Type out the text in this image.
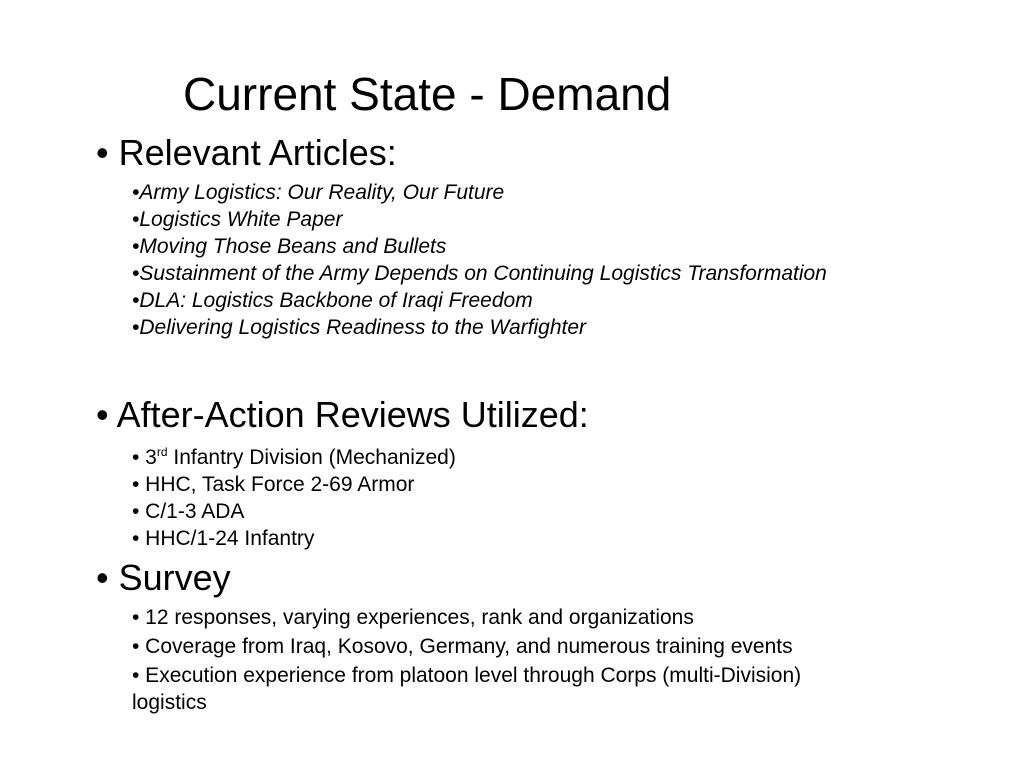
Current State - Demand
• Relevant Articles:
•Army Logistics: Our Reality, Our Future
•Logistics White Paper
•Moving Those Beans and Bullets
•Sustainment of the Army Depends on Continuing Logistics Transformation
•DLA: Logistics Backbone of Iraqi Freedom
•Delivering Logistics Readiness to the Warfighter
• After-Action Reviews Utilized:
• 3rd Infantry Division (Mechanized)
• HHC, Task Force 2-69 Armor
• C/1-3 ADA
• HHC/1-24 Infantry
• Survey
• 12 responses, varying experiences, rank and organizations
• Coverage from Iraq, Kosovo, Germany, and numerous training events
• Execution experience from platoon level through Corps (multi-Division) logistics
